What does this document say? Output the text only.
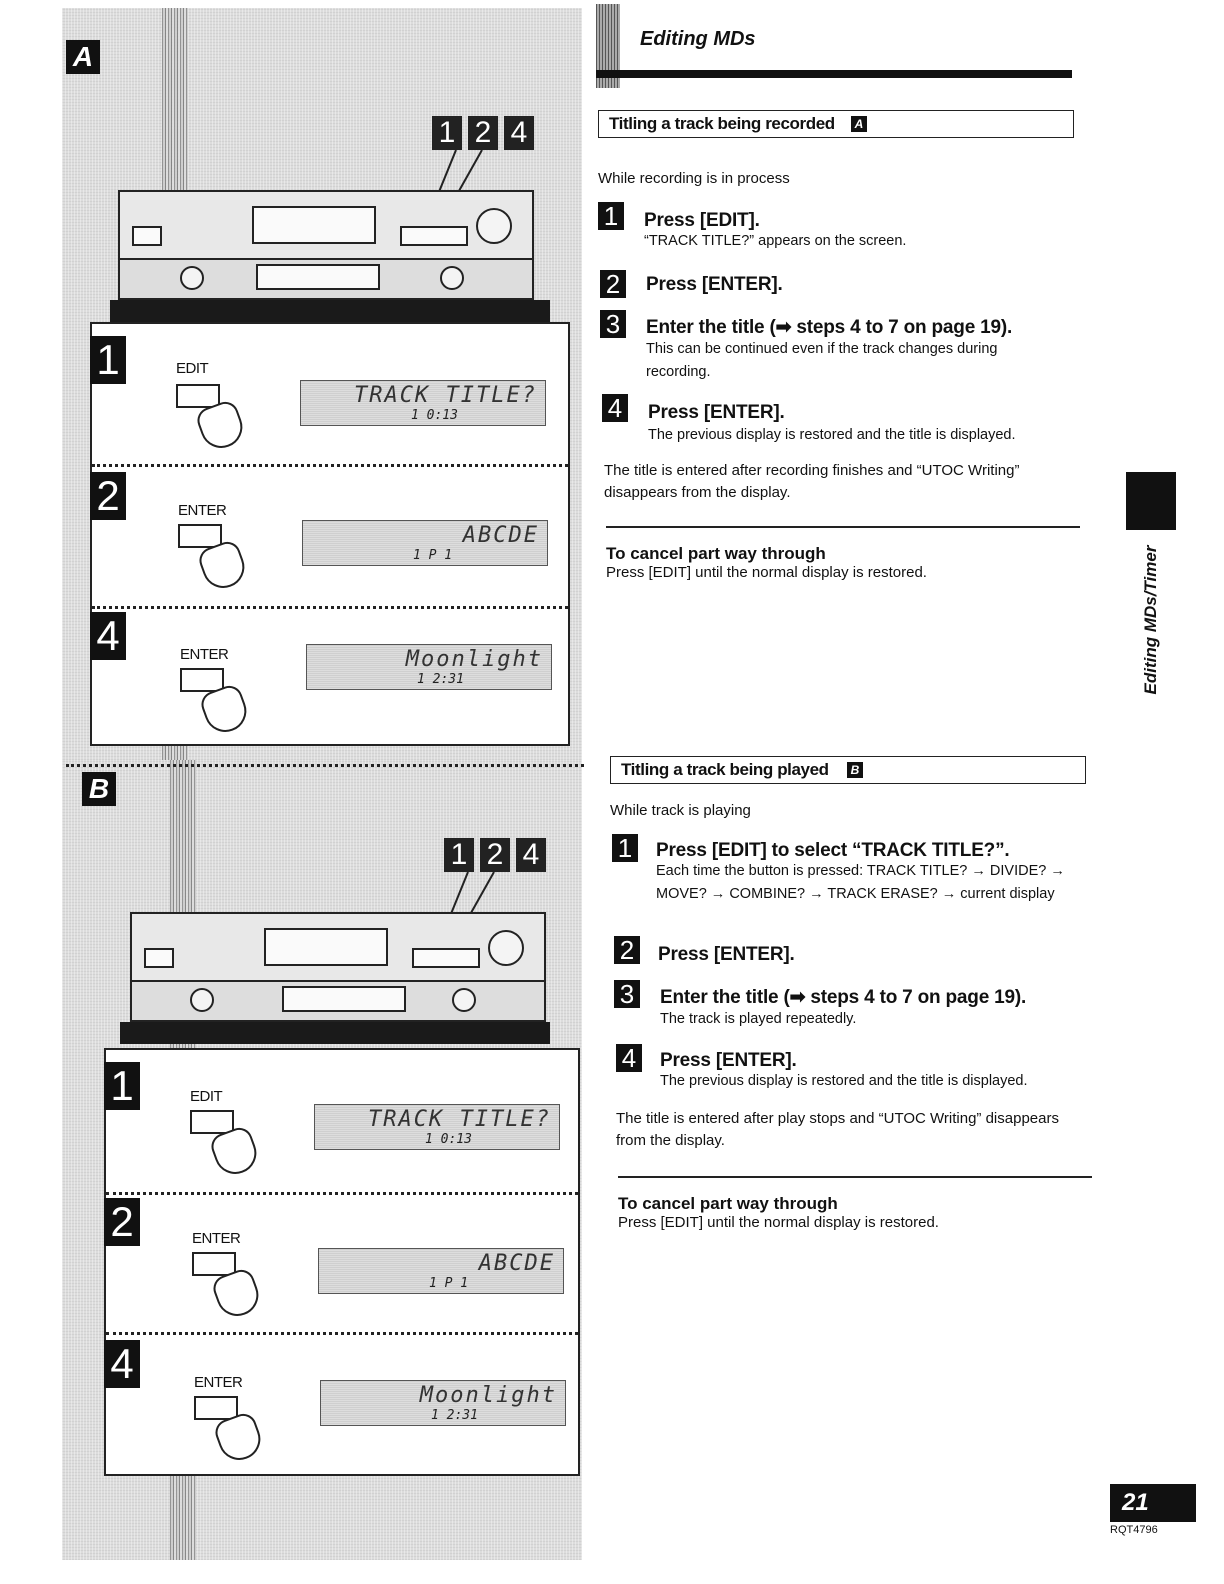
A
1 2 4
1	EDIT
TRACK TITLE?
1 0:13
2	ENTER
ABCDE
1 P 1
4	ENTER	Moonlight
1 2:31
B
1 2 4
1	EDIT
TRACK TITLE?
1 0:13
2	ENTER
ABCDE
1 P 1
4	ENTER
Moonlight
1 2:31
Editing MDs
Titling a track being recorded	A
While recording is in process
1	Press [EDIT].
“TRACK TITLE?” appears on the screen.
2	Press [ENTER].
3	Enter the title (➡ steps 4 to 7 on page 19).
This can be continued even if the track changes during recording.
4	Press [ENTER].
The previous display is restored and the title is displayed.
The title is entered after recording finishes and “UTOC Writing” disappears from the display.
To cancel part way through
Press [EDIT] until the normal display is restored.	Editing MDs/Timer
Titling a track being played	B
While track is playing
1	Press [EDIT] to select “TRACK TITLE?”.
Each time the button is pressed: TRACK TITLE? → DIVIDE? → MOVE? → COMBINE? → TRACK ERASE? → current display
2	Press [ENTER].
3	Enter the title (➡ steps 4 to 7 on page 19).
The track is played repeatedly.
4	Press [ENTER].
The previous display is restored and the title is displayed.
The title is entered after play stops and “UTOC Writing” disappears from the display.
To cancel part way through
Press [EDIT] until the normal display is restored.
21
RQT4796
